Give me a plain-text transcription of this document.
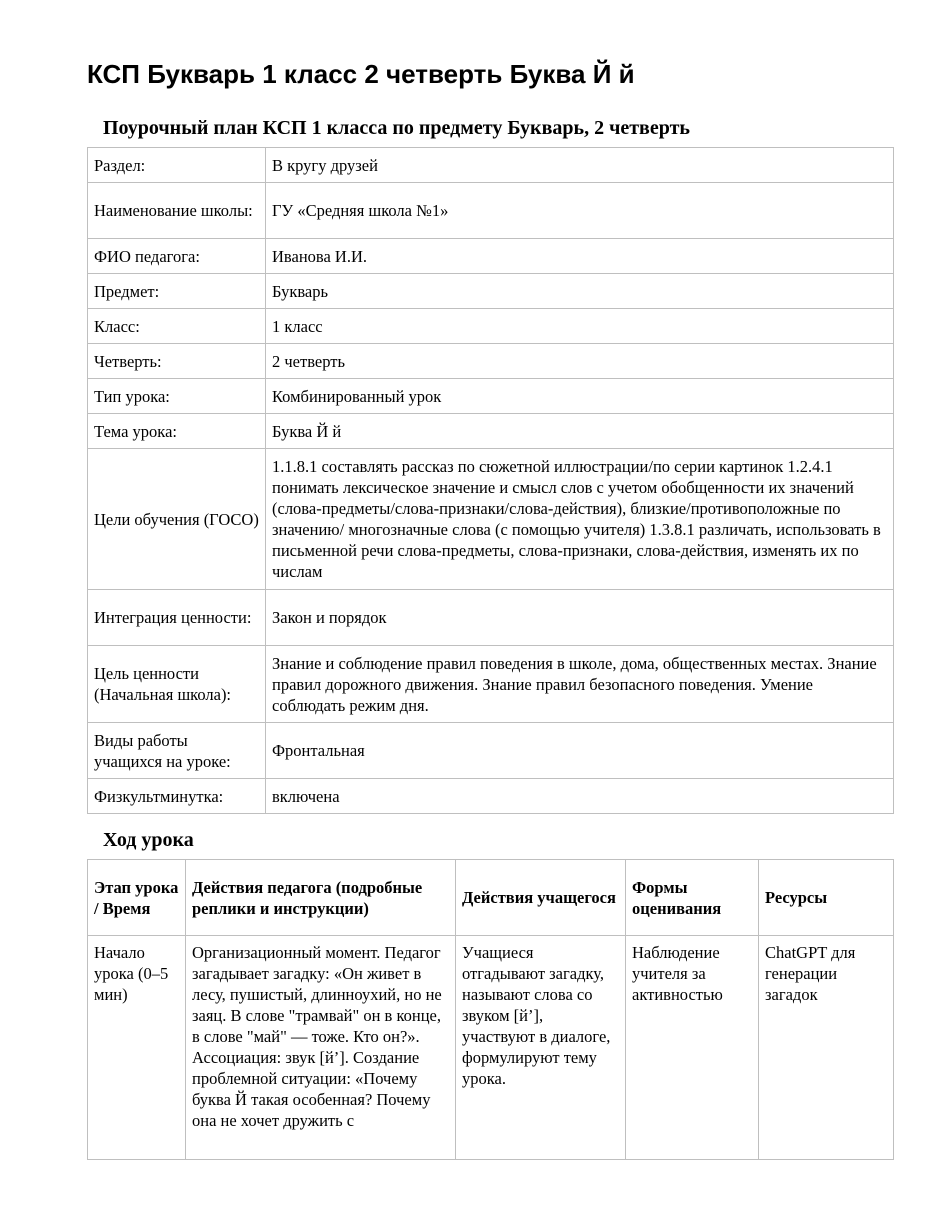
КСП Букварь 1 класс 2 четверть Буква Й й
Поурочный план КСП 1 класса по предмету Букварь, 2 четверть
Раздел:	В кругу друзей
Наименование школы:	ГУ «Средняя школа №1»
ФИО педагога:	Иванова И.И.
Предмет:	Букварь
Класс:	1 класс
Четверть:	2 четверть
Тип урока:	Комбинированный урок
Тема урока:	Буква Й й
Цели обучения (ГОСО)	1.1.8.1 составлять рассказ по сюжетной иллюстрации/по серии картинок 1.2.4.1 понимать лексическое значение и смысл слов с учетом обобщенности их значений (слова-предметы/слова-признаки/слова-действия), близкие/противоположные по значению/ многозначные слова (с помощью учителя) 1.3.8.1 различать, использовать в письменной речи слова-предметы, слова-признаки, слова-действия, изменять их по числам
Интеграция ценности:	Закон и порядок
Цель ценности (Начальная школа):	Знание и соблюдение правил поведения в школе, дома, общественных местах. Знание правил дорожного движения. Знание правил безопасного поведения. Умение соблюдать режим дня.
Виды работы учащихся на уроке:	Фронтальная
Физкультминутка:	включена
Ход урока
Этап урока / Время	Действия педагога (подробные реплики и инструкции)	Действия учащегося	Формы оценивания	Ресурсы

Начало урока (0–5 мин)	Организационный момент. Педагог загадывает загадку: «Он живет в лесу, пушистый, длинноухий, но не заяц. В слове "трамвай" он в конце, в слове "май" — тоже. Кто он?». Ассоциация: звук [й’]. Создание проблемной ситуации: «Почему буква Й такая особенная? Почему она не хочет дружить с	Учащиеся отгадывают загадку, называют слова со звуком [й’], участвуют в диалоге, формулируют тему урока.	Наблюдение учителя за активностью	ChatGPT для генерации загадок
